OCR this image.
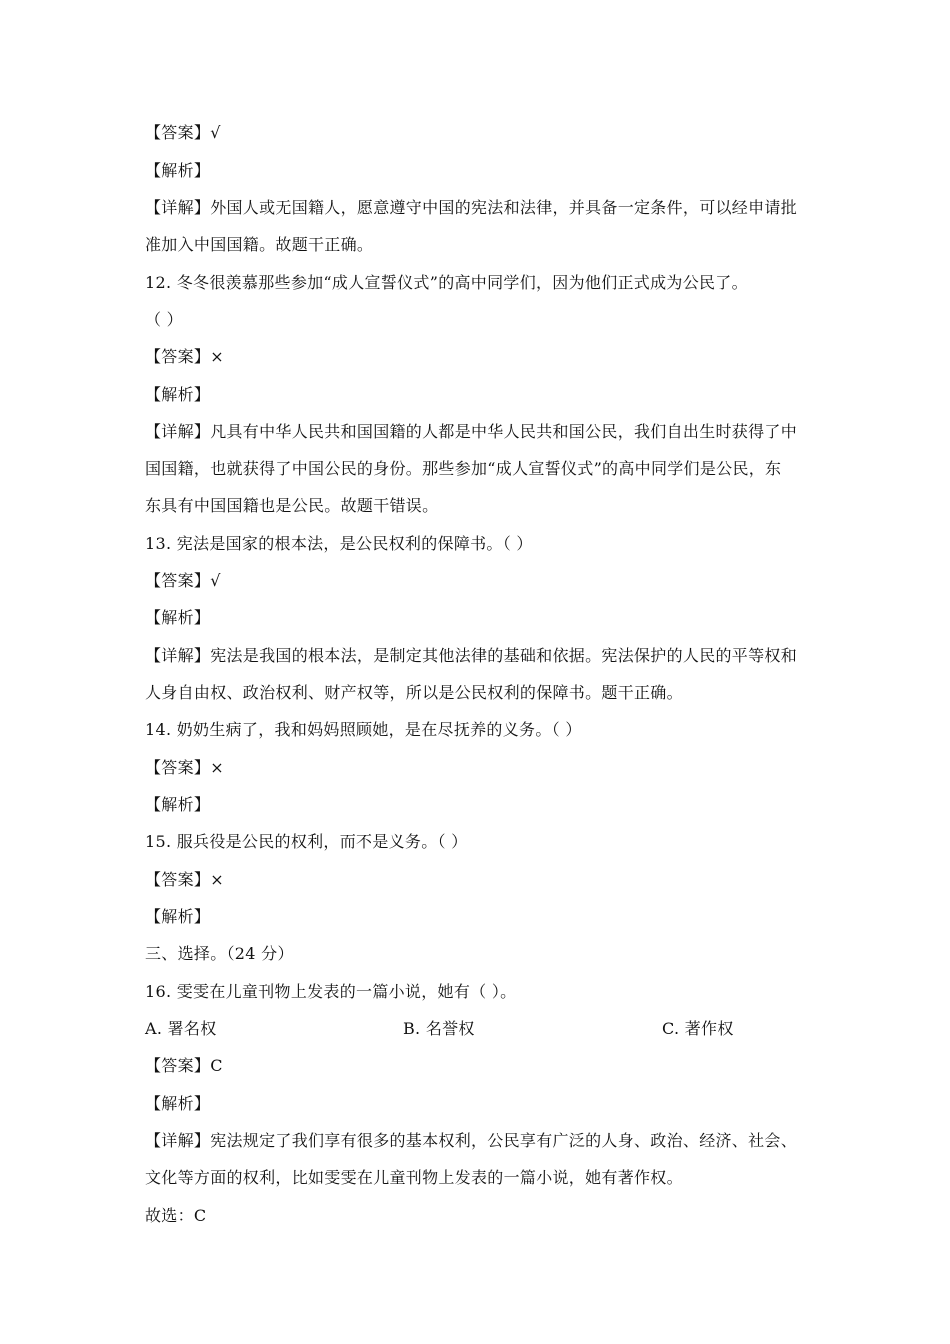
【答案】√
【解析】
【详解】外国人或无国籍人，愿意遵守中国的宪法和法律，并具备一定条件，可以经申请批
准加入中国国籍。故题干正确。
12. 冬冬很羡慕那些参加“成人宣誓仪式”的高中同学们，因为他们正式成为公民了。
（ ）
【答案】×
【解析】
【详解】凡具有中华人民共和国国籍的人都是中华人民共和国公民，我们自出生时获得了中
国国籍，也就获得了中国公民的身份。那些参加“成人宣誓仪式”的高中同学们是公民，东
东具有中国国籍也是公民。故题干错误。
13. 宪法是国家的根本法，是公民权利的保障书。（ ）
【答案】√
【解析】
【详解】宪法是我国的根本法，是制定其他法律的基础和依据。宪法保护的人民的平等权和
人身自由权、政治权利、财产权等，所以是公民权利的保障书。题干正确。
14. 奶奶生病了，我和妈妈照顾她，是在尽抚养的义务。（ ）
【答案】×
【解析】
15. 服兵役是公民的权利，而不是义务。（ ）
【答案】×
【解析】
三、选择。（24 分）
16. 雯雯在儿童刊物上发表的一篇小说，她有（ ）。
A. 署名权	B. 名誉权	C. 著作权
【答案】C
【解析】
【详解】宪法规定了我们享有很多的基本权利，公民享有广泛的人身、政治、经济、社会、
文化等方面的权利，比如雯雯在儿童刊物上发表的一篇小说，她有著作权。
故选：C
